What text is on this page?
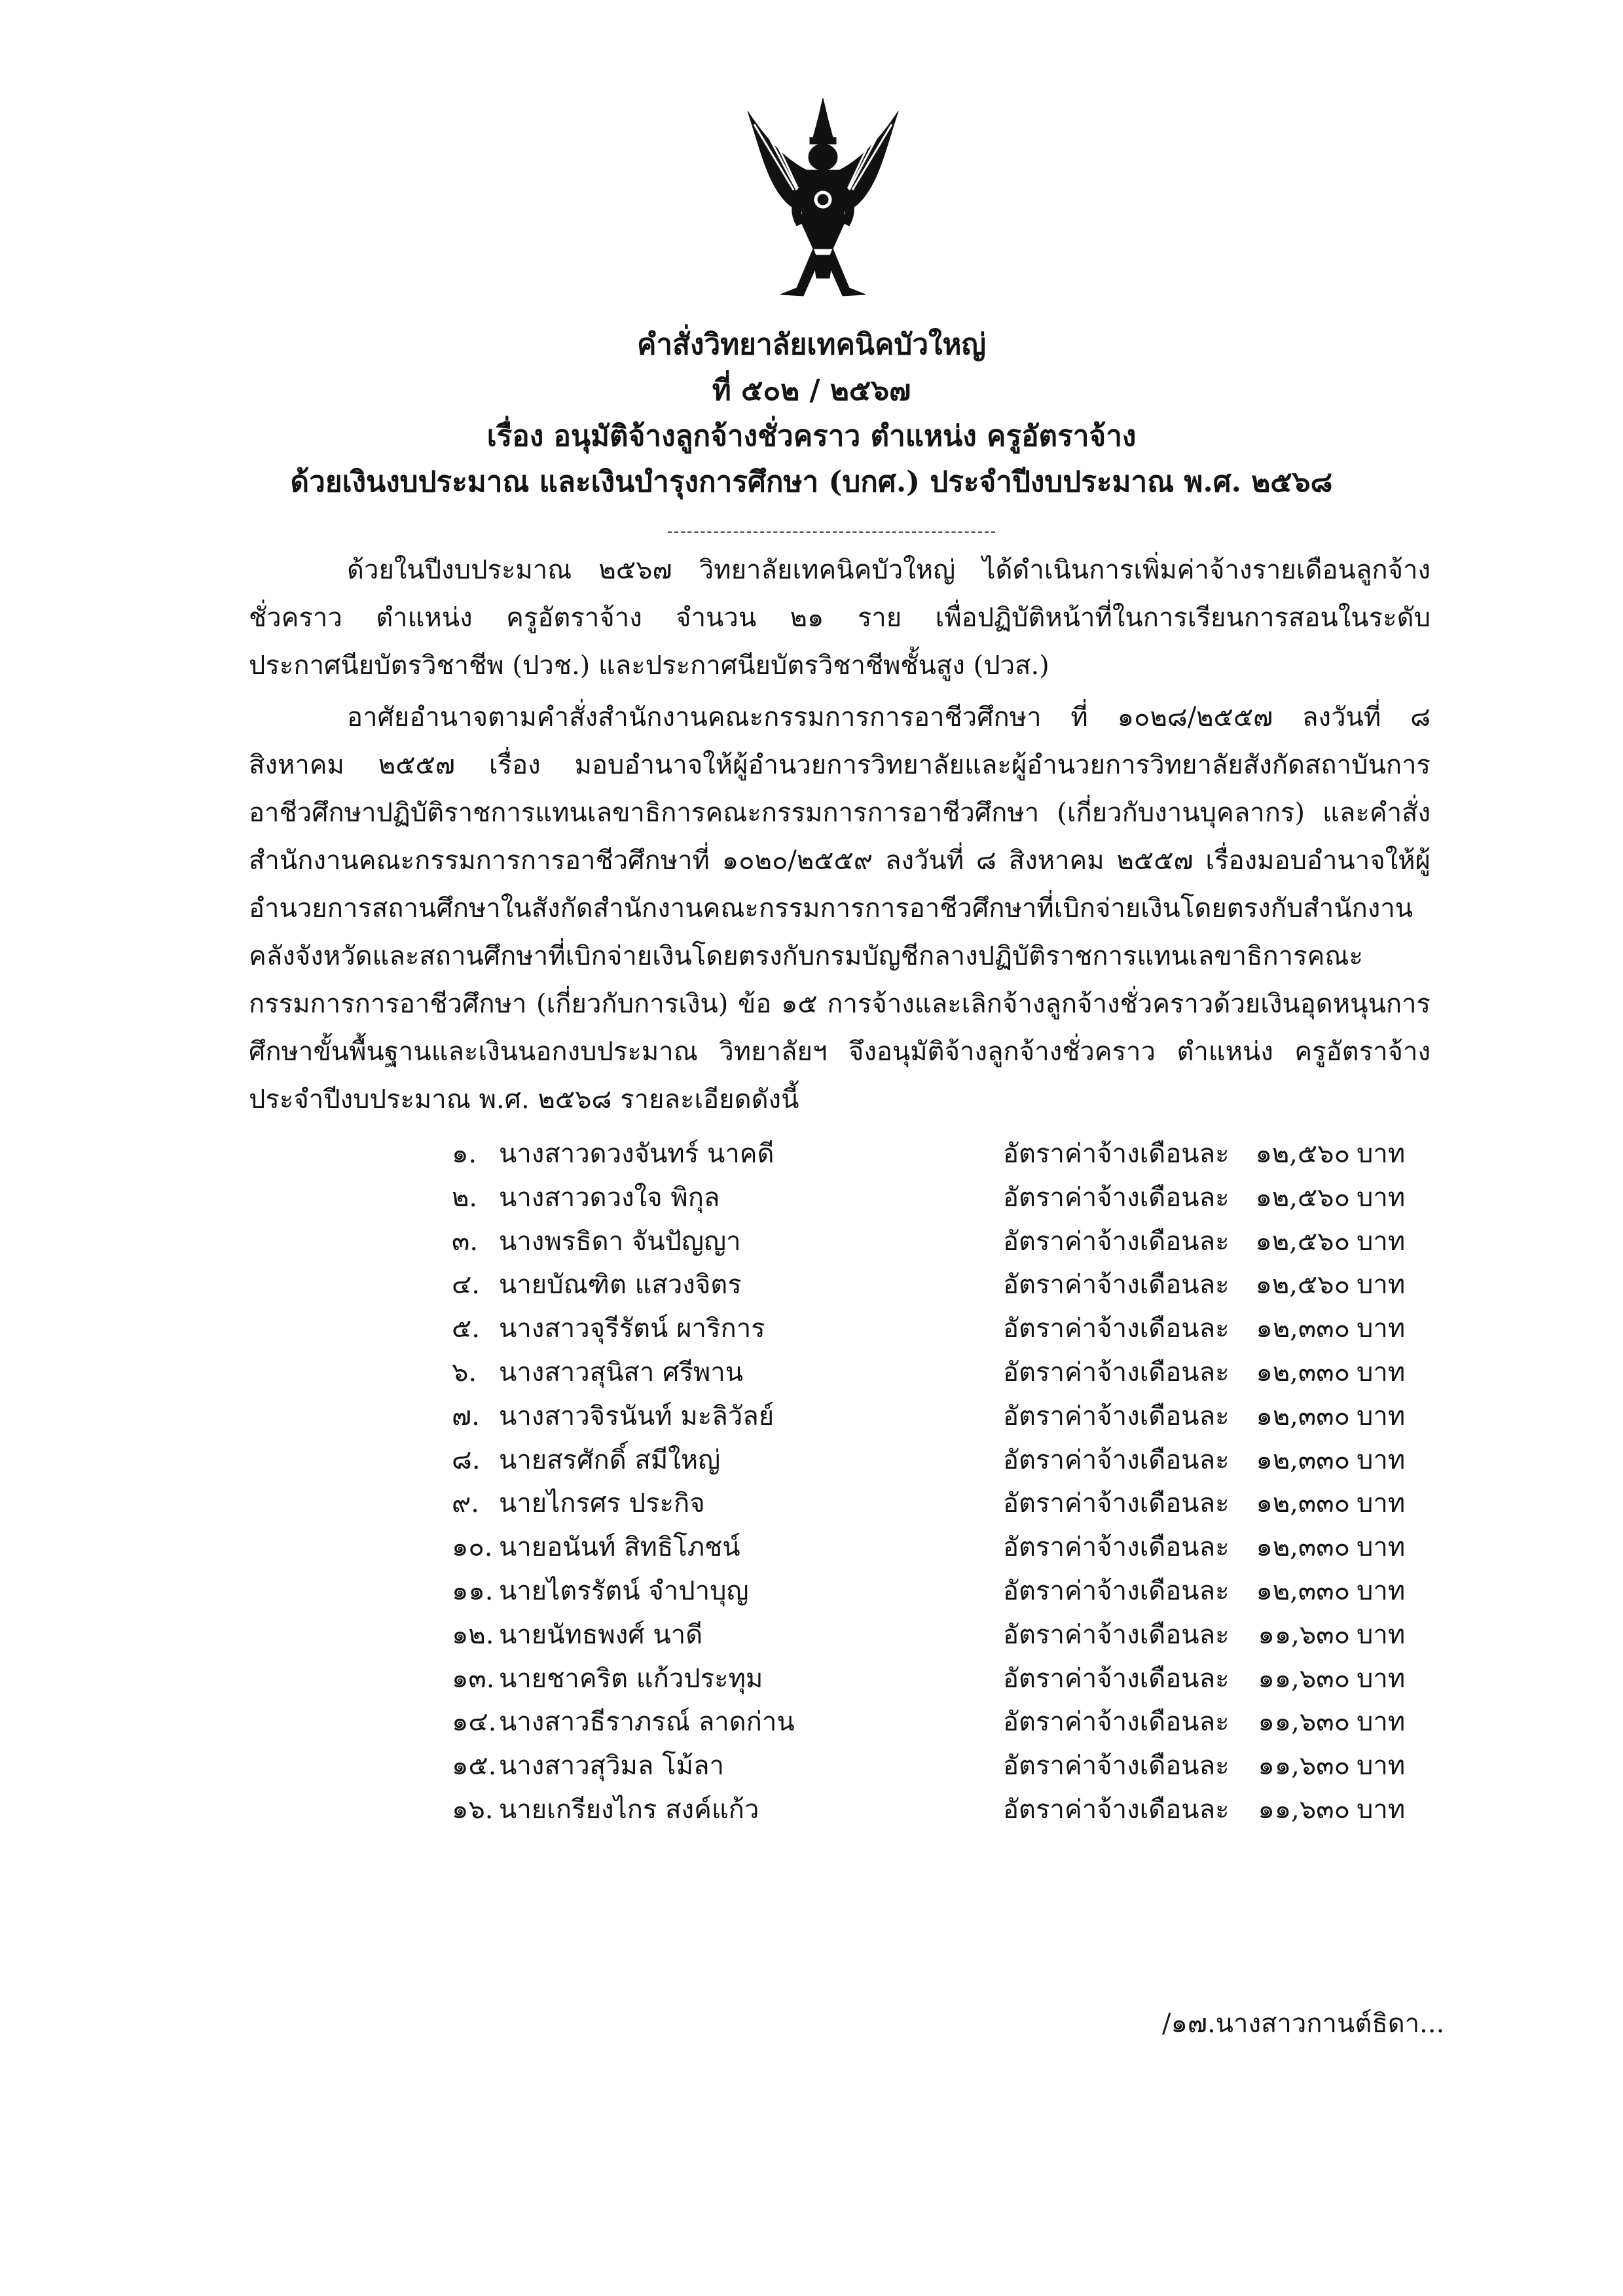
คำสั่งวิทยาลัยเทคนิคบัวใหญ่
ที่ ๕๐๒ / ๒๕๖๗
เรื่อง อนุมัติจ้างลูกจ้างชั่วคราว ตำแหน่ง ครูอัตราจ้าง
ด้วยเงินงบประมาณ และเงินบำรุงการศึกษา (บกศ.) ประจำปีงบประมาณ พ.ศ. ๒๕๖๘

ด้วยในปีงบประมาณ ๒๕๖๗ วิทยาลัยเทคนิคบัวใหญ่ ได้ดำเนินการเพิ่มค่าจ้างรายเดือนลูกจ้างชั่วคราว ตำแหน่ง ครูอัตราจ้าง จำนวน ๒๑ ราย เพื่อปฏิบัติหน้าที่ในการเรียนการสอนในระดับประกาศนียบัตรวิชาชีพ (ปวช.) และประกาศนียบัตรวิชาชีพชั้นสูง (ปวส.)

อาศัยอำนาจตามคำสั่งสำนักงานคณะกรรมการการอาชีวศึกษา ที่ ๑๐๒๘/๒๕๕๗ ลงวันที่ ๘ สิงหาคม ๒๕๕๗ เรื่อง มอบอำนาจให้ผู้อำนวยการวิทยาลัยและผู้อำนวยการวิทยาลัยสังกัดสถาบันการอาชีวศึกษาปฏิบัติราชการแทนเลขาธิการคณะกรรมการการอาชีวศึกษา (เกี่ยวกับงานบุคลากร) และคำสั่งสำนักงานคณะกรรมการการอาชีวศึกษาที่ ๑๐๒๐/๒๕๕๙ ลงวันที่ ๘ สิงหาคม ๒๕๕๗ เรื่องมอบอำนาจให้ผู้อำนวยการสถานศึกษาในสังกัดสำนักงานคณะกรรมการการอาชีวศึกษาที่เบิกจ่ายเงินโดยตรงกับสำนักงานคลังจังหวัดและสถานศึกษาที่เบิกจ่ายเงินโดยตรงกับกรมบัญชีกลางปฏิบัติราชการแทนเลขาธิการคณะกรรมการการอาชีวศึกษา (เกี่ยวกับการเงิน) ข้อ ๑๕ การจ้างและเลิกจ้างลูกจ้างชั่วคราวด้วยเงินอุดหนุนการศึกษาขั้นพื้นฐานและเงินนอกงบประมาณ วิทยาลัยฯ จึงอนุมัติจ้างลูกจ้างชั่วคราว ตำแหน่ง ครูอัตราจ้างประจำปีงบประมาณ พ.ศ. ๒๕๖๘ รายละเอียดดังนี้

๑. นางสาวดวงจันทร์ นาคดี	อัตราค่าจ้างเดือนละ ๑๒,๕๖๐ บาท
๒. นางสาวดวงใจ พิกุล	อัตราค่าจ้างเดือนละ ๑๒,๕๖๐ บาท
๓. นางพรธิดา จันปัญญา	อัตราค่าจ้างเดือนละ ๑๒,๕๖๐ บาท
๔. นายบัณฑิต แสวงจิตร	อัตราค่าจ้างเดือนละ ๑๒,๕๖๐ บาท
๕. นางสาวจุรีรัตน์ ผาริการ	อัตราค่าจ้างเดือนละ	๑๒,๓๓๐ บาท
๖. นางสาวสุนิสา ศรีพาน	อัตราค่าจ้างเดือนละ	๑๒,๓๓๐ บาท
๗. นางสาวจิรนันท์ มะลิวัลย์	อัตราค่าจ้างเดือนละ	๑๒,๓๓๐ บาท
๘. นายสรศักดิ์ สมีใหญ่	อัตราค่าจ้างเดือนละ	๑๒,๓๓๐ บาท
๙. นายไกรศร ประกิจ	อัตราค่าจ้างเดือนละ	๑๒,๓๓๐ บาท
๑๐. นายอนันท์ สิทธิโภชน์	อัตราค่าจ้างเดือนละ	๑๒,๓๓๐ บาท
๑๑. นายไตรรัตน์ จำปาบุญ	อัตราค่าจ้างเดือนละ	๑๒,๓๓๐ บาท
๑๒. นายนัทธพงศ์ นาดี	อัตราค่าจ้างเดือนละ	๑๑,๖๓๐ บาท
๑๓. นายชาคริต แก้วประทุม	อัตราค่าจ้างเดือนละ	๑๑,๖๓๐ บาท
๑๔. นางสาวธีราภรณ์ ลาดก่าน	อัตราค่าจ้างเดือนละ	๑๑,๖๓๐ บาท
๑๕. นางสาวสุวิมล โม้ลา	อัตราค่าจ้างเดือนละ	๑๑,๖๓๐ บาท
๑๖. นายเกรียงไกร สงค์แก้ว	อัตราค่าจ้างเดือนละ	๑๑,๖๓๐ บาท
/๑๗.นางสาวกานต์ธิดา...
